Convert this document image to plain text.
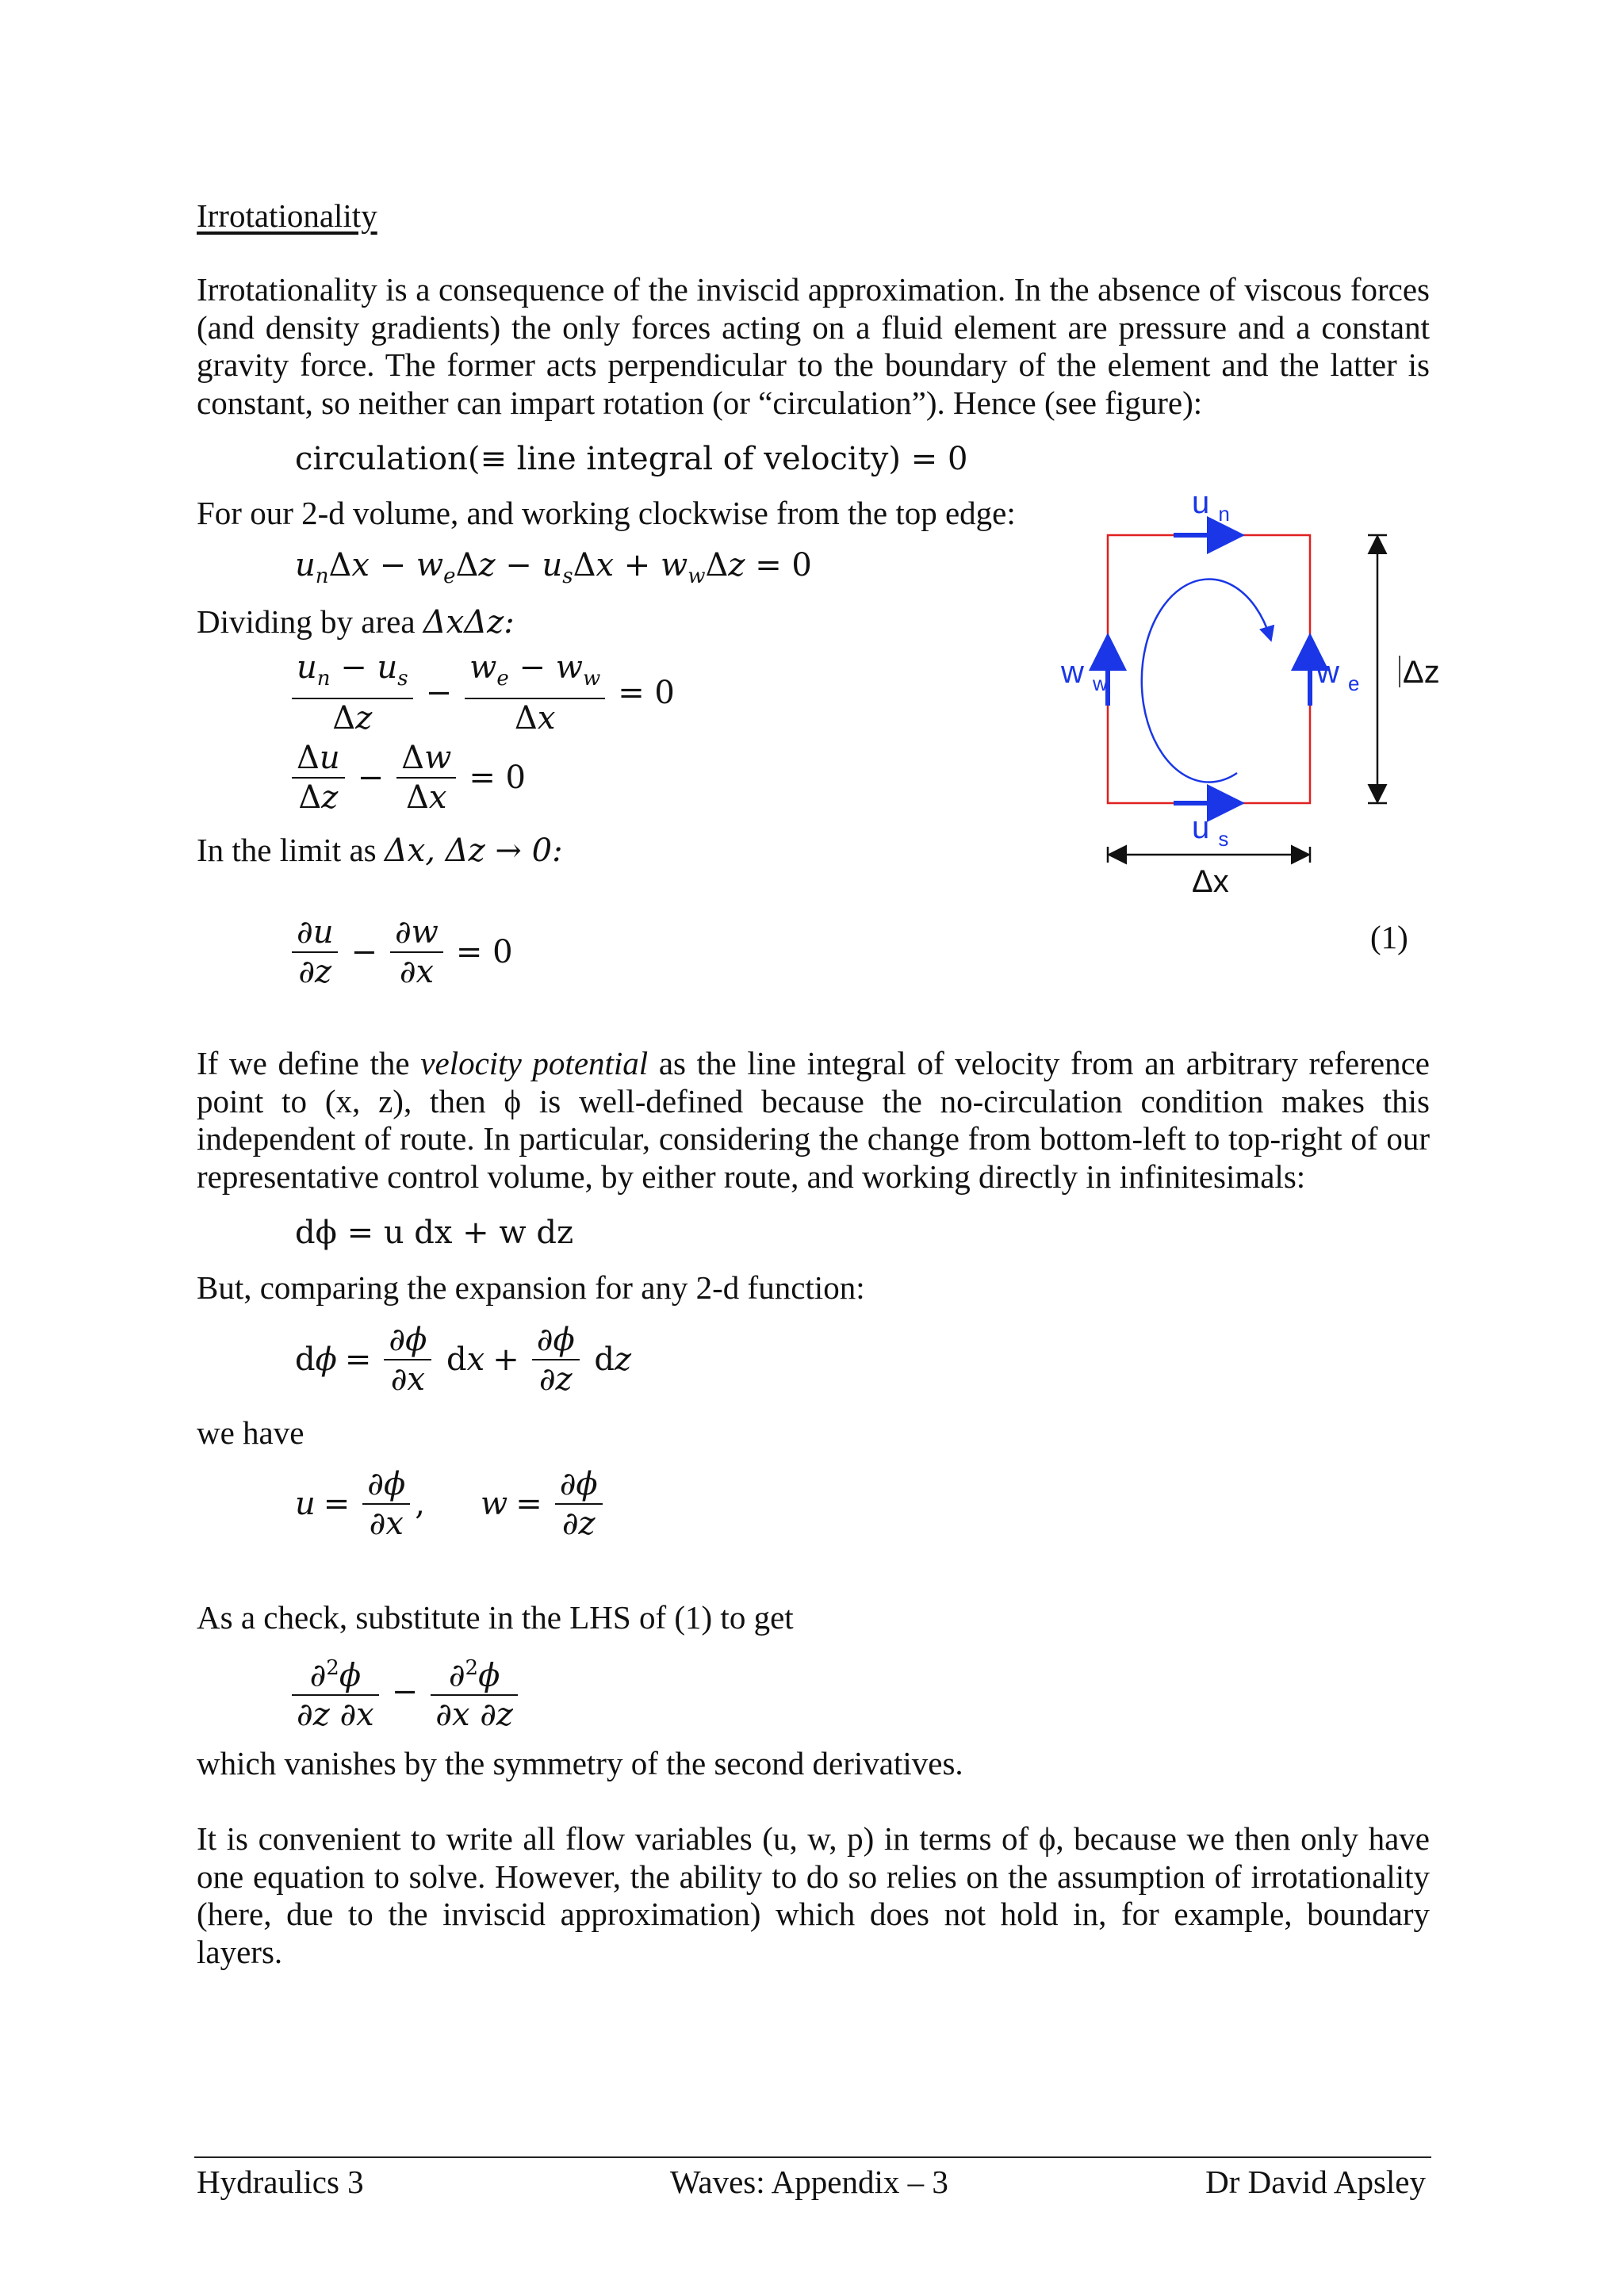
Irrotationality

Irrotationality is a consequence of the inviscid approximation. In the absence of viscous forces (and density gradients) the only forces acting on a fluid element are pressure and a constant gravity force. The former acts perpendicular to the boundary of the element and the latter is constant, so neither can impart rotation (or “circulation”). Hence (see figure):

circulation(≡ line integral of velocity) = 0

For our 2-d volume, and working clockwise from the top edge:

$u_n\Delta x - w_e\Delta z - u_s\Delta x + w_w\Delta z = 0$

Dividing by area ΔxΔz:

$\frac{u_n - u_s}{\Delta z} - \frac{w_e - w_w}{\Delta x} = 0$
$\frac{\Delta u}{\Delta z} - \frac{\Delta w}{\Delta x} = 0$

In the limit as Δx, Δz → 0:

$\frac{\partial u}{\partial z} - \frac{\partial w}{\partial x} = 0$	(1)

u $_n$
u $_s$
w $_w$	w $_e$ Δz
Δx

If we define the velocity potential as the line integral of velocity from an arbitrary reference point to (x, z), then ϕ is well-defined because the no-circulation condition makes this independent of route. In particular, considering the change from bottom-left to top-right of our representative control volume, by either route, and working directly in infinitesimals:

dϕ = u dx + w dz

But, comparing the expansion for any 2-d function:

$d\phi = \frac{\partial\phi}{\partial x}$ dx + $\frac{\partial\phi}{\partial z}$ dz

we have

$u = \frac{\partial\phi}{\partial x}$ , $w = \frac{\partial\phi}{\partial z}$

As a check, substitute in the LHS of (1) to get

$\frac{\partial^2\phi}{\partial z \partial x} - \frac{\partial^2\phi}{\partial x \partial z}$

which vanishes by the symmetry of the second derivatives.

It is convenient to write all flow variables (u, w, p) in terms of ϕ, because we then only have one equation to solve. However, the ability to do so relies on the assumption of irrotationality (here, due to the inviscid approximation) which does not hold in, for example, boundary layers.

Hydraulics 3	Waves: Appendix – 3	Dr David Apsley
